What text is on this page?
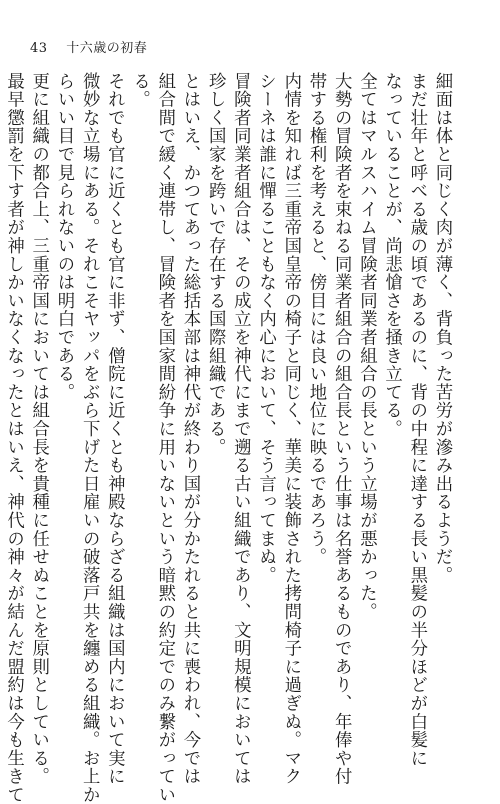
43 十六歳の初春
細面は体と同じく肉が薄く、背負った苦労が滲み出るようだ。
まだ壮年と呼べる歳の頃であるのに、背の中程に達する長い黒髪の半分ほどが白髪に
なっていることが、尚悲愴さを掻き立てる。
全てはマルスハイム冒険者同業者組合の長という立場が悪かった。
大勢の冒険者を束ねる同業者組合の組合長という仕事は名誉あるものであり、年俸や付
帯する権利を考えると、傍目には良い地位に映るであろう。
内情を知れば三重帝国皇帝の椅子と同じく、華美に装飾された拷問椅子に過ぎぬ。マク
シーネは誰に憚ることもなく内心において、そう言ってまぬ。
冒険者同業者組合は、その成立を神代にまで遡る古い組織であり、文明規模においては
珍しく国家を跨いで存在する国際組織である。
とはいえ、かつてあった総括本部は神代が終わり国が分かたれると共に喪われ、今では
組合間で緩く連帯し、冒険者を国家間紛争に用いないという暗黙の約定でのみ繋がってい
る。
それでも官に近くとも官に非ず、僧院に近くとも神殿ならざる組織は国内において実に
微妙な立場にある。それこそヤッパをぶら下げた日雇いの破落戸共を纏める組織。お上か
らいい目で見られないのは明白である。
更に組織の都合上、三重帝国においては組合長を貴種に任せぬことを原則としている。
最早懲罰を下す者が神しかいなくなったとはいえ、神代の神々が結んだ盟約は今も生きて
